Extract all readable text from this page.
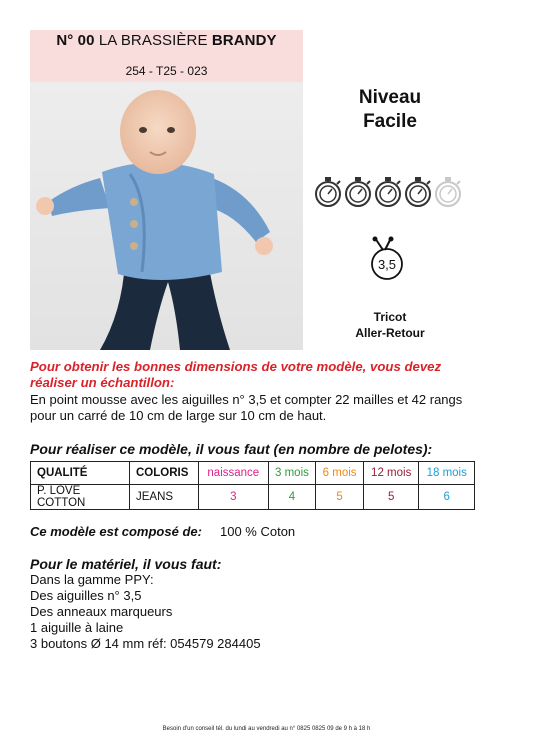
N° 00 LA BRASSIÈRE BRANDY
254 - T25 - 023
Niveau
Facile
3,5
Tricot
Aller-Retour
Pour obtenir les bonnes dimensions de votre modèle, vous devez
réaliser un échantillon:
En point mousse avec les aiguilles n° 3,5 et compter 22 mailles et 42 rangs
pour un carré de 10 cm de large sur 10 cm de haut.
Pour réaliser ce modèle, il vous faut (en nombre de pelotes):
QUALITÉ	COLORIS	naissance	3 mois	6 mois	12 mois	18 mois
P. LOVE COTTON	JEANS	3	4	5	5	6
Ce modèle est composé de: 100 % Coton
Pour le matériel, il vous faut:
Dans la gamme PPY:
Des aiguilles n° 3,5
Des anneaux marqueurs
1 aiguille à laine
3 boutons Ø 14 mm réf: 054579 284405
Besoin d'un conseil tél. du lundi au vendredi au n° 0825 0825 09 de 9 h à 18 h
